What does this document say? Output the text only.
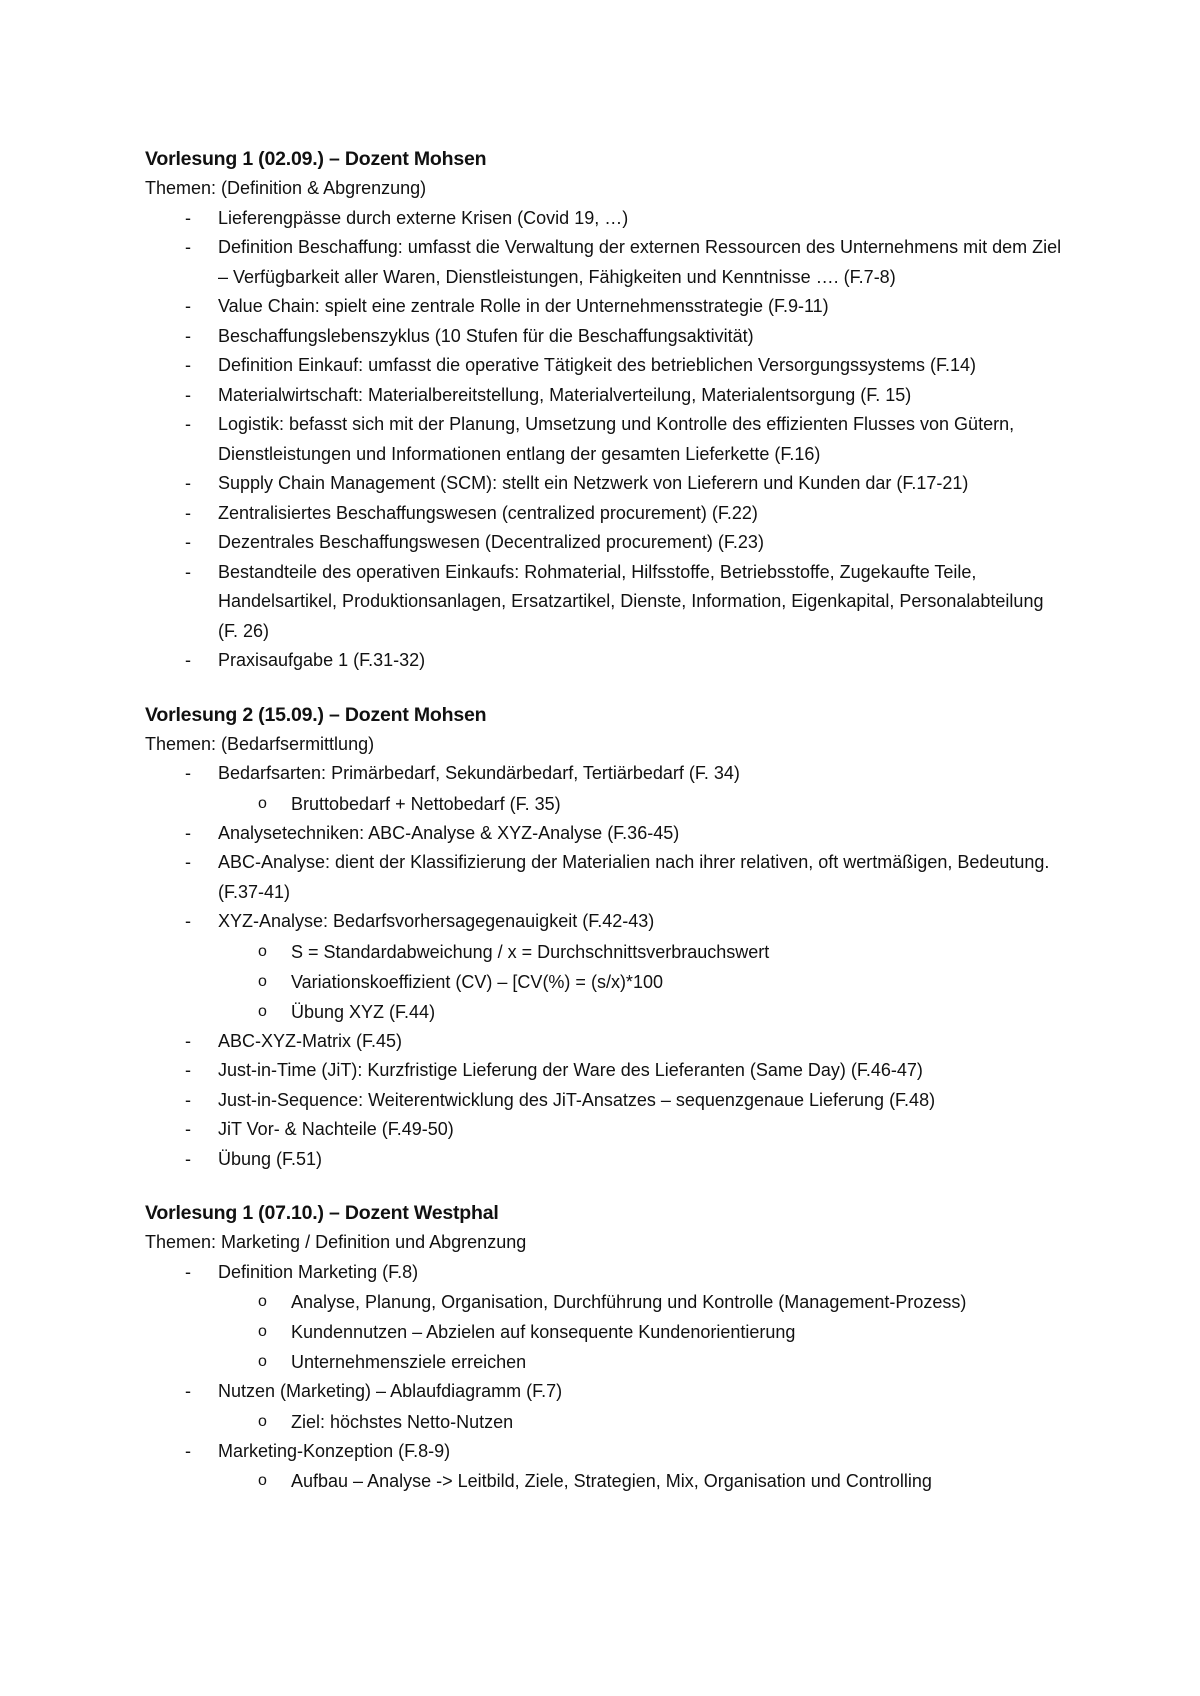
Vorlesung 1 (02.09.) – Dozent Mohsen
Themen: (Definition & Abgrenzung)
- Lieferengpässe durch externe Krisen (Covid 19, …)
- Definition Beschaffung: umfasst die Verwaltung der externen Ressourcen des Unternehmens mit dem Ziel – Verfügbarkeit aller Waren, Dienstleistungen, Fähigkeiten und Kenntnisse …. (F.7-8)
- Value Chain: spielt eine zentrale Rolle in der Unternehmensstrategie (F.9-11)
- Beschaffungslebenszyklus (10 Stufen für die Beschaffungsaktivität)
- Definition Einkauf: umfasst die operative Tätigkeit des betrieblichen Versorgungssystems (F.14)
- Materialwirtschaft: Materialbereitstellung, Materialverteilung, Materialentsorgung (F. 15)
- Logistik: befasst sich mit der Planung, Umsetzung und Kontrolle des effizienten Flusses von Gütern, Dienstleistungen und Informationen entlang der gesamten Lieferkette (F.16)
- Supply Chain Management (SCM): stellt ein Netzwerk von Lieferern und Kunden dar (F.17-21)
- Zentralisiertes Beschaffungswesen (centralized procurement) (F.22)
- Dezentrales Beschaffungswesen (Decentralized procurement) (F.23)
- Bestandteile des operativen Einkaufs: Rohmaterial, Hilfsstoffe, Betriebsstoffe, Zugekaufte Teile, Handelsartikel, Produktionsanlagen, Ersatzartikel, Dienste, Information, Eigenkapital, Personalabteilung (F. 26)
- Praxisaufgabe 1 (F.31-32)
Vorlesung 2 (15.09.) – Dozent Mohsen
Themen: (Bedarfsermittlung)
- Bedarfsarten: Primärbedarf, Sekundärbedarf, Tertiärbedarf (F. 34)
o Bruttobedarf + Nettobedarf (F. 35)
- Analysetechniken: ABC-Analyse & XYZ-Analyse (F.36-45)
- ABC-Analyse: dient der Klassifizierung der Materialien nach ihrer relativen, oft wertmäßigen, Bedeutung. (F.37-41)
- XYZ-Analyse: Bedarfsvorhersagegenauigkeit (F.42-43)
o S = Standardabweichung / x = Durchschnittsverbrauchswert
o Variationskoeffizient (CV) – [CV(%) = (s/x)*100
o Übung XYZ (F.44)
- ABC-XYZ-Matrix (F.45)
- Just-in-Time (JiT): Kurzfristige Lieferung der Ware des Lieferanten (Same Day) (F.46-47)
- Just-in-Sequence: Weiterentwicklung des JiT-Ansatzes – sequenzgenaue Lieferung (F.48)
- JiT Vor- & Nachteile (F.49-50)
- Übung (F.51)
Vorlesung 1 (07.10.) – Dozent Westphal
Themen: Marketing / Definition und Abgrenzung
- Definition Marketing (F.8)
o Analyse, Planung, Organisation, Durchführung und Kontrolle (Management-Prozess)
o Kundennutzen – Abzielen auf konsequente Kundenorientierung
o Unternehmensziele erreichen
- Nutzen (Marketing) – Ablaufdiagramm (F.7)
o Ziel: höchstes Netto-Nutzen
- Marketing-Konzeption (F.8-9)
o Aufbau – Analyse -> Leitbild, Ziele, Strategien, Mix, Organisation und Controlling
